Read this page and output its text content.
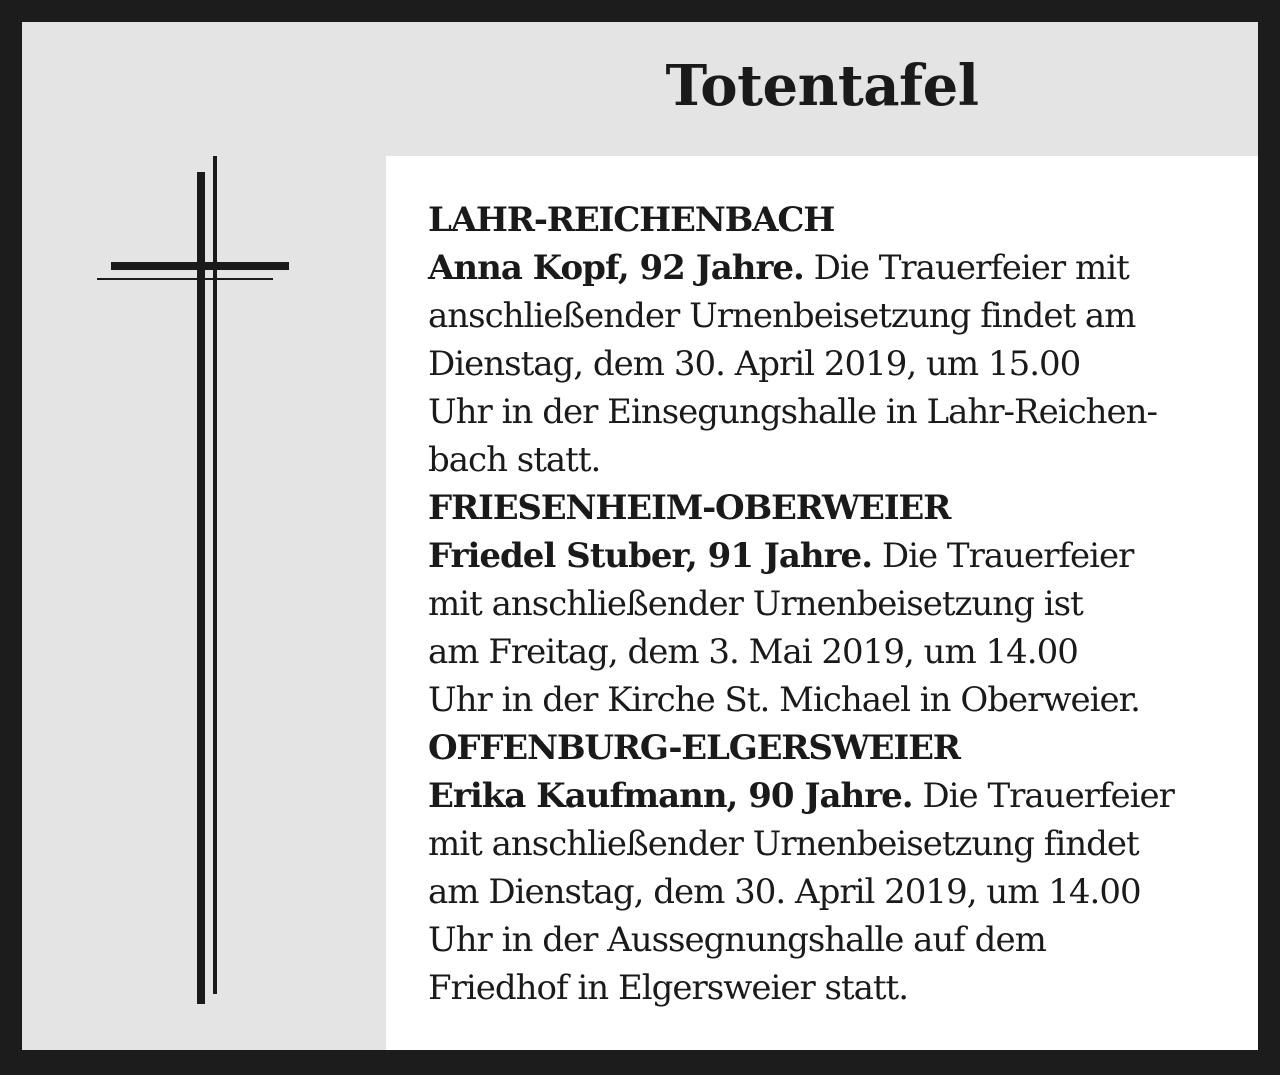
Totentafel

LAHR-REICHENBACH

Anna Kopf, 92 Jahre. Die Trauerfeier mit
anschließender Urnenbeisetzung findet am
Dienstag, dem 30. April 2019, um 15.00
Uhr in der Einsegungshalle in Lahr-Reichen-
bach statt.

FRIESENHEIM-OBERWEIER

Friedel Stuber, 91 Jahre. Die Trauerfeier
mit anschließender Urnenbeisetzung ist
am Freitag, dem 3. Mai 2019, um 14.00
Uhr in der Kirche St. Michael in Oberweier.

OFFENBURG-ELGERSWEIER

Erika Kaufmann, 90 Jahre. Die Trauerfeier
mit anschließender Urnenbeisetzung findet
am Dienstag, dem 30. April 2019, um 14.00
Uhr in der Aussegnungshalle auf dem
Friedhof in Elgersweier statt.
